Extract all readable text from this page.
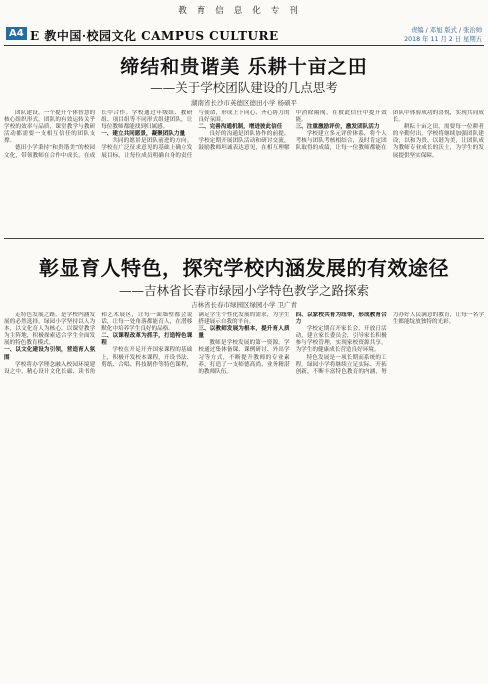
教育信息化专刊
A4 E 教中国·校园文化 CAMPUS CULTURE	责编 / 邓旭 版式 / 张治帅
2018 年 11 月 2 日 星期五
缔结和贵谐美 乐耕十亩之田
——关于学校团队建设的几点思考
湖南省长沙市英德区德田小学 杨硕平

团队建设，一个提升个体智慧的核心组织形式。团队的有效运转关乎学校的效率与品质，课堂教学与教研活动都需要一支相互信任的团队支撑。

德田小学秉持“和贵谐美”的校园文化，带领教师在合作中成长，在成长中合作。学校通过年级组、教研组、项目组等不同形式组建团队，让每位教师都能找到归属感。

一、建立共同愿景，凝聚团队力量

共同的愿景是团队前进的方向。学校在广泛征求意见的基础上确立发展目标，让每位成员明确自身的责任与使命，形成上下同心、齐心协力的良好氛围。

二、完善沟通机制，增进彼此信任

良好的沟通是团队协作的前提。学校定期开展团队活动和研讨交流，鼓励教师坦诚表达意见，在相互理解中消除隔阂，在彼此信任中提升效能。

三、注重激励评价，激发团队活力

学校建立多元评价体系，将个人考核与团队考核相结合，及时肯定团队取得的成绩，让每一位教师都能在团队中体验成功的喜悦，实现共同成长。

耕耘十亩之田，需要每一位耕者的辛勤付出。学校将继续加强团队建设，以和为贵、以谐为美，让团队成为教师专业成长的沃土，为学生的发展提供坚实保障。

彰显育人特色，探究学校内涵发展的有效途径
——吉林省长春市绿园小学特色教学之路探索
吉林省长春市绿园区绿园小学 卫广青

走特色发展之路，是学校内涵发展的必然选择。绿园小学坚持以人为本，以文化育人为核心，以课堂教学为主阵地，积极探索适合学生全面发展的特色教育模式。

一、以文化建设为引领，营造育人氛围

学校将办学理念融入校园环境建设之中，精心设计文化长廊、读书角和艺术展区，让每一面墙壁都会说话，让每一处角落都能育人，在潜移默化中培养学生良好的品格。

二、以课程改革为抓手，打造特色课程

学校在开足开齐国家课程的基础上，积极开发校本课程，开设书法、剪纸、合唱、科技制作等特色课程，满足学生个性化发展的需求，为学生搭建展示自我的平台。

三、以教师发展为根本，提升育人质量

教师是学校发展的第一资源。学校通过集体备课、课例研讨、外出学习等方式，不断提升教师的专业素养，打造了一支师德高尚、业务精湛的教师队伍。

四、以家校共育为纽带，形成教育合力

学校定期召开家长会、开放日活动，建立家长委员会，引导家长积极参与学校管理，实现家校资源共享，为学生的健康成长营造良好环境。

特色发展是一项长期而系统的工程。绿园小学将继续立足实际、开拓创新，不断丰富特色教育的内涵，努力办好人民满意的教育，让每一名学生都能绽放独特的光彩。
